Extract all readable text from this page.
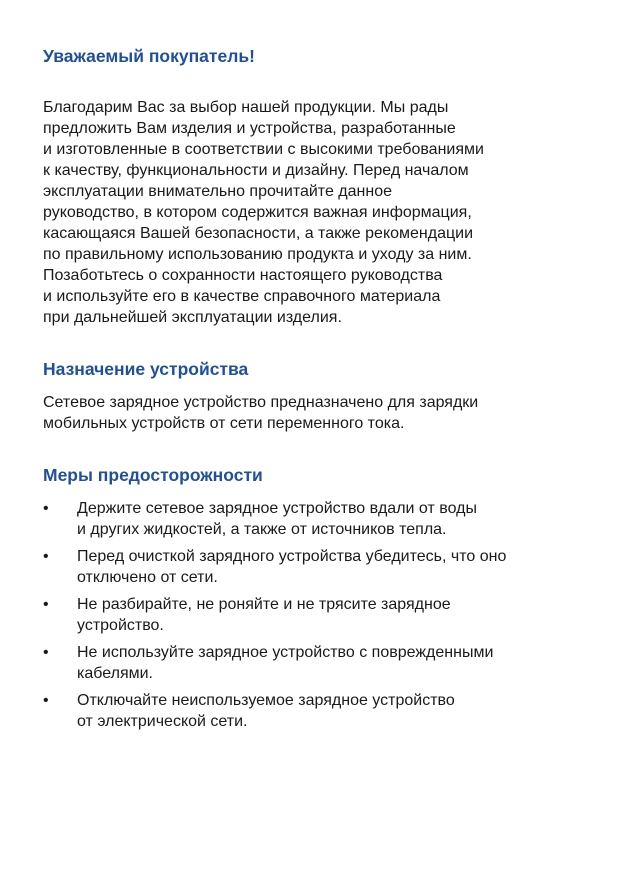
Уважаемый покупатель!

Благодарим Вас за выбор нашей продукции. Мы рады
предложить Вам изделия и устройства, разработанные
и изготовленные в соответствии с высокими требованиями
к качеству, функциональности и дизайну. Перед началом
эксплуатации внимательно прочитайте данное
руководство, в котором содержится важная информация,
касающаяся Вашей безопасности, а также рекомендации
по правильному использованию продукта и уходу за ним.
Позаботьтесь о сохранности настоящего руководства
и используйте его в качестве справочного материала
при дальнейшей эксплуатации изделия.

Назначение устройства

Сетевое зарядное устройство предназначено для зарядки
мобильных устройств от сети переменного тока.

Меры предосторожности
• Держите сетевое зарядное устройство вдали от воды
и других жидкостей, а также от источников тепла.
• Перед очисткой зарядного устройства убедитесь, что оно
отключено от сети.
• Не разбирайте, не роняйте и не трясите зарядное
устройство.
• Не используйте зарядное устройство с поврежденными
кабелями.
• Отключайте неиспользуемое зарядное устройство
от электрической сети.
